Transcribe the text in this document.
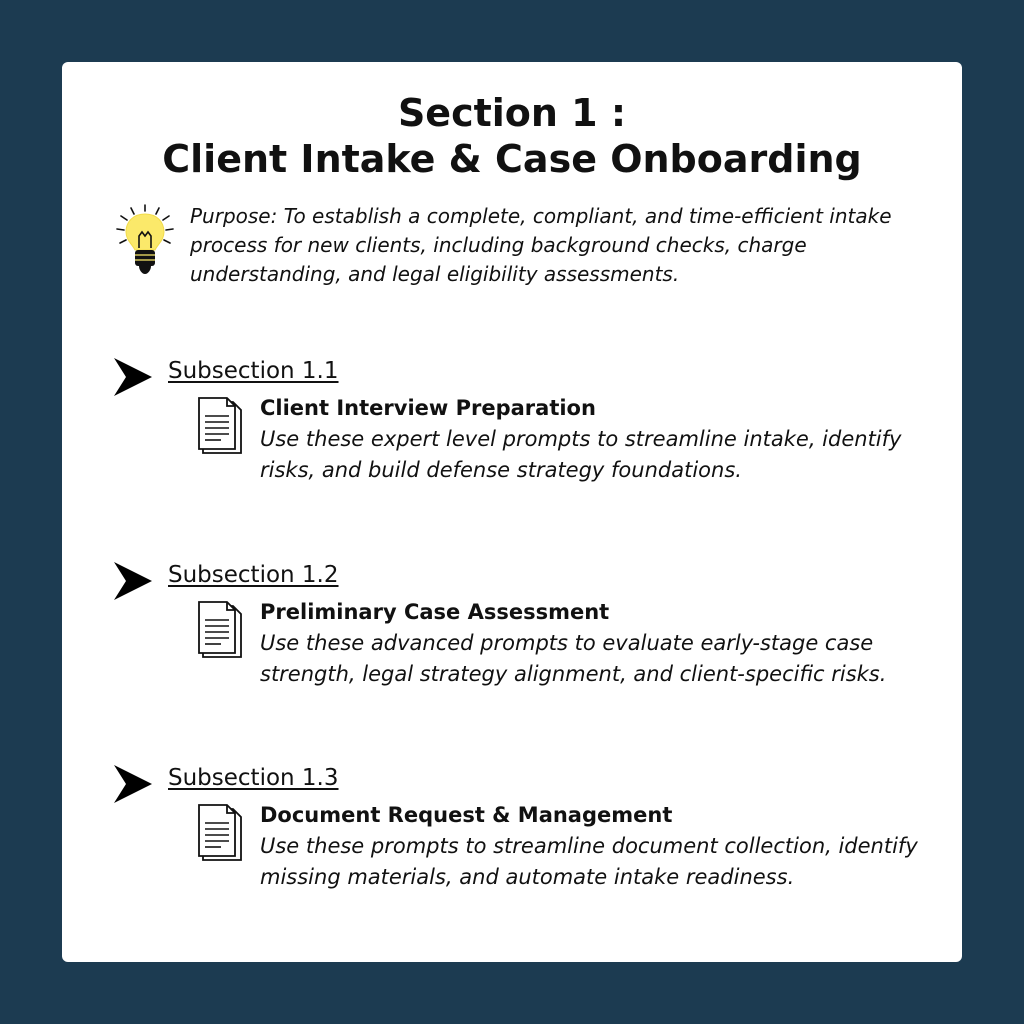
Section 1 :
Client Intake & Case Onboarding

Purpose: To establish a complete, compliant, and time-efficient intake process for new clients, including background checks, charge understanding, and legal eligibility assessments.

Subsection 1.1

Client Interview Preparation

Use these expert level prompts to streamline intake, identify risks, and build defense strategy foundations.

Subsection 1.2

Preliminary Case Assessment

Use these advanced prompts to evaluate early-stage case strength, legal strategy alignment, and client-specific risks.

Subsection 1.3

Document Request & Management

Use these prompts to streamline document collection, identify missing materials, and automate intake readiness.
